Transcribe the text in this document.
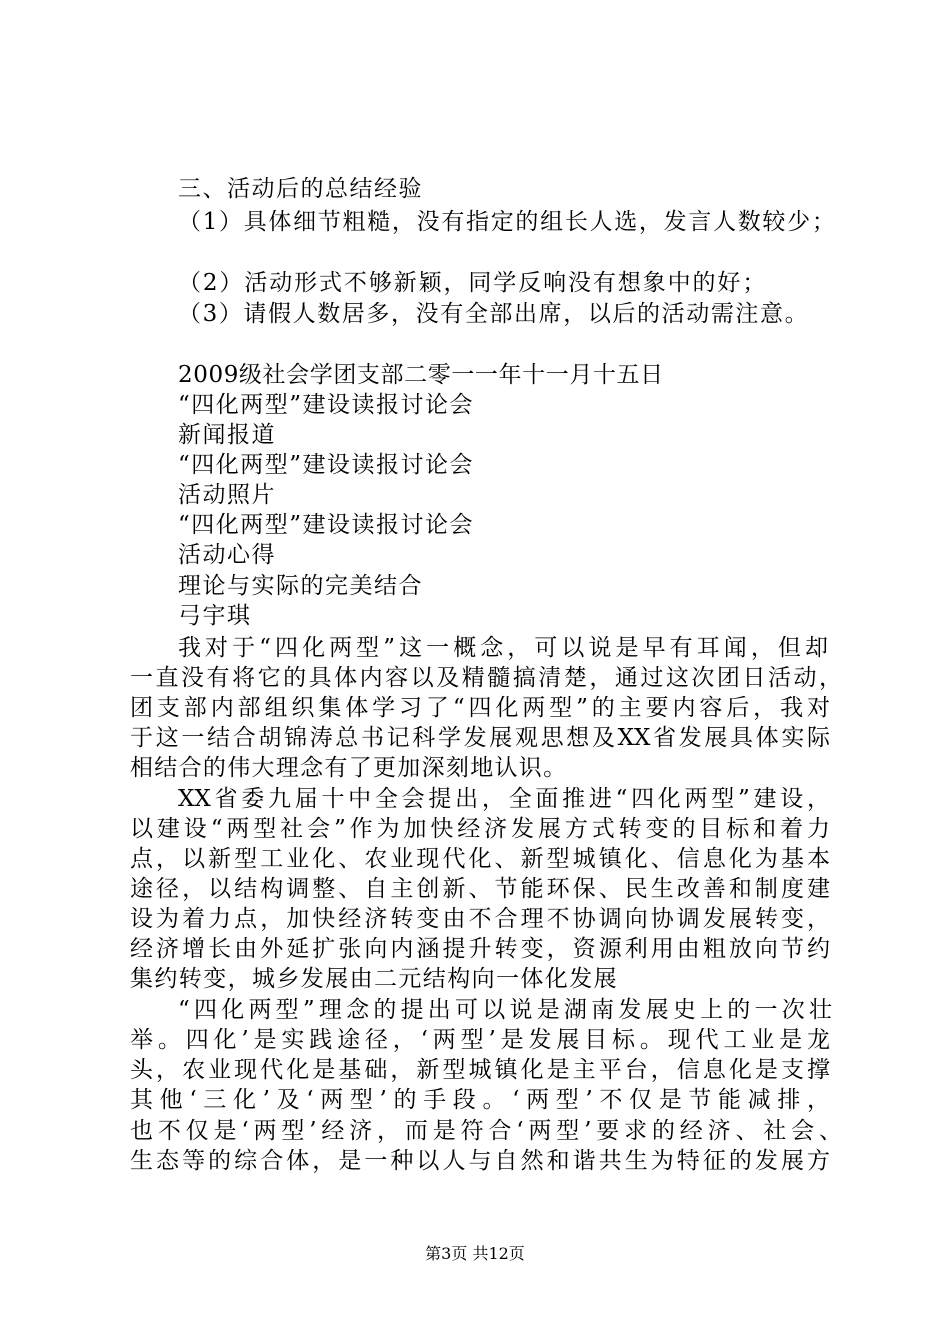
三、活动后的总结经验
（1）具体细节粗糙，没有指定的组长人选，发言人数较少；
（2）活动形式不够新颖，同学反响没有想象中的好；
（3）请假人数居多，没有全部出席，以后的活动需注意。
2009级社会学团支部二零一一年十一月十五日
“四化两型”建设读报讨论会
新闻报道
“四化两型”建设读报讨论会
活动照片
“四化两型”建设读报讨论会
活动心得
理论与实际的完美结合
弓宇琪
我对于“四化两型”这一概念，可以说是早有耳闻，但却
一直没有将它的具体内容以及精髓搞清楚，通过这次团日活动，
团支部内部组织集体学习了“四化两型”的主要内容后，我对
于这一结合胡锦涛总书记科学发展观思想及XX省发展具体实际
相结合的伟大理念有了更加深刻地认识。
XX省委九届十中全会提出，全面推进“四化两型”建设，
以建设“两型社会”作为加快经济发展方式转变的目标和着力
点，以新型工业化、农业现代化、新型城镇化、信息化为基本
途径，以结构调整、自主创新、节能环保、民生改善和制度建
设为着力点，加快经济转变由不合理不协调向协调发展转变，
经济增长由外延扩张向内涵提升转变，资源利用由粗放向节约
集约转变，城乡发展由二元结构向一体化发展
“四化两型”理念的提出可以说是湖南发展史上的一次壮
举。四化’是实践途径，‘两型’是发展目标。现代工业是龙
头，农业现代化是基础，新型城镇化是主平台，信息化是支撑
其他‘三化’及‘两型’的手段。‘两型’不仅是节能减排，
也不仅是‘两型’经济，而是符合‘两型’要求的经济、社会、
生态等的综合体，是一种以人与自然和谐共生为特征的发展方
第3页 共12页
